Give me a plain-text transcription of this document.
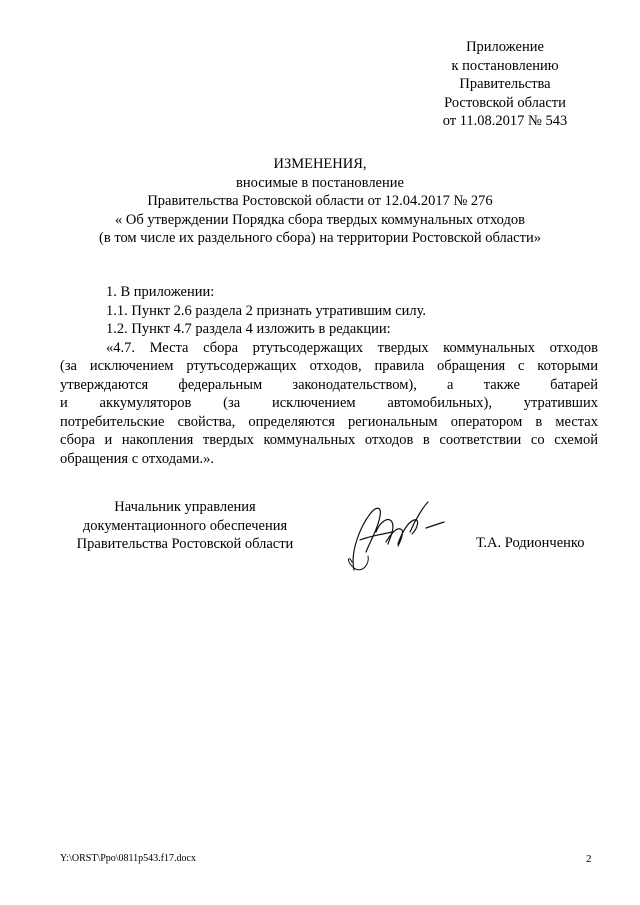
Приложение
к постановлению
Правительства
Ростовской области
от 11.08.2017 № 543
ИЗМЕНЕНИЯ,
вносимые в постановление
Правительства Ростовской области от 12.04.2017 № 276
« Об утверждении Порядка сбора твердых коммунальных отходов
(в том числе их раздельного сбора) на территории Ростовской области»
1. В приложении:
1.1. Пункт 2.6 раздела 2 признать утратившим силу.
1.2. Пункт 4.7 раздела 4 изложить в редакции:
«4.7. Места сбора ртутьсодержащих твердых коммунальных отходов
(за исключением ртутьсодержащих отходов, правила обращения с которыми
утверждаются федеральным законодательством), а также батарей
и аккумуляторов (за исключением автомобильных), утративших
потребительские свойства, определяются региональным оператором в местах
сбора и накопления твердых коммунальных отходов в соответствии со схемой
обращения с отходами.».
Начальник управления
документационного обеспечения
Правительства Ростовской области	Т.А. Родионченко
Y:\ORST\Ppo\0811p543.f17.docx	2
